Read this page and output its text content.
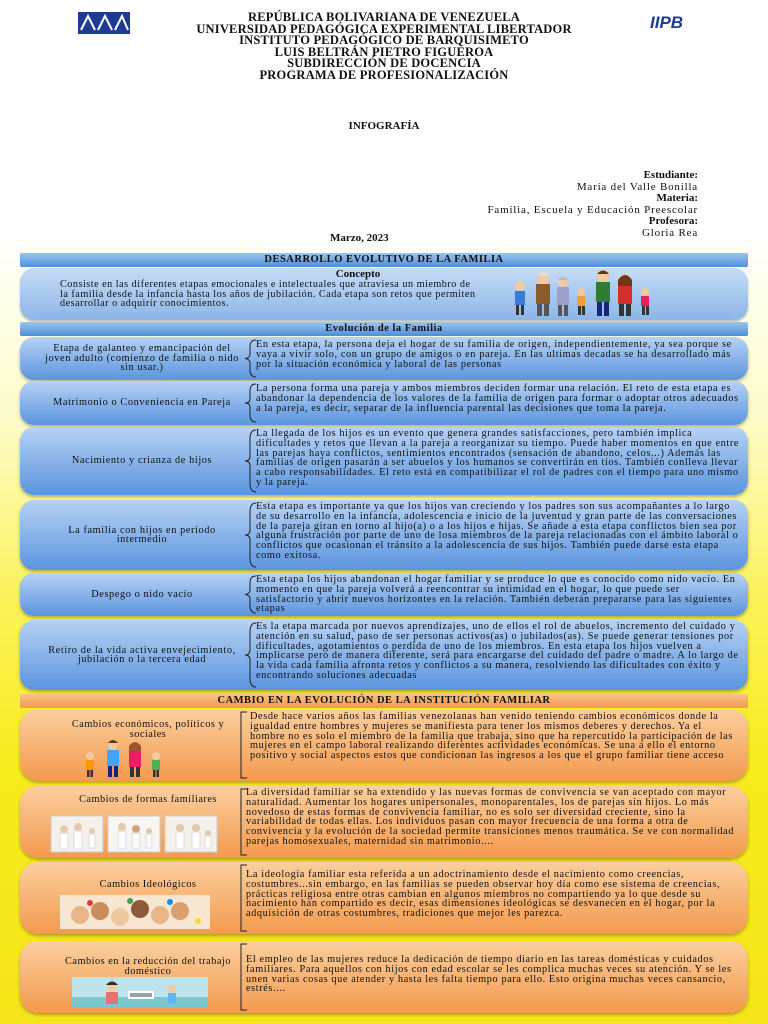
IIPB
REPÚBLICA BOLIVARIANA DE VENEZUELA
UNIVERSIDAD PEDAGÓGICA EXPERIMENTAL LIBERTADOR
INSTITUTO PEDAGÓGICO DE BARQUISIMETO
LUIS BELTRÁN PIETRO FIGUEROA
SUBDIRECCIÓN DE DOCENCIA
PROGRAMA DE PROFESIONALIZACIÓN
INFOGRAFÍA
Estudiante:
María del Valle Bonilla
Materia:
Familia, Escuela y Educación Preescolar
Profesora:
Gloria Rea
Marzo, 2023
DESARROLLO EVOLUTIVO DE LA FAMILIA
Concepto
Consiste en las diferentes etapas emocionales e intelectuales que atraviesa un miembro de la familia desde la infancia hasta los años de jubilación. Cada etapa son retos que permiten desarrollar o adquirir conocimientos.
Evolución de la Familia
Etapa de galanteo y emancipación del joven adulto (comienzo de familia o nido sin usar.)
En esta etapa, la persona deja el hogar de su familia de origen, independientemente, ya sea porque se vaya a vivir solo, con un grupo de amigos o en pareja. En las ultimas decadas se ha desarrollado más por la situación económica y laboral de las personas
Matrimonio o Conveniencia en Pareja
La persona forma una pareja y ambos miembros deciden formar una relación. El reto de esta etapa es abandonar la dependencia de los valores de la familia de origen para formar o adoptar otros adecuados a la pareja, es decir, separar de la influencia parental las decisiones que toma la pareja.
Nacimiento y crianza de hijos
La llegada de los hijos es un evento que genera grandes satisfacciones, pero también implica dificultades y retos que llevan a la pareja a reorganizar su tiempo. Puede haber momentos en que entre las parejas haya conflictos, sentimientos encontrados (sensación de abandono, celos...) Además las familias de origen pasarán a ser abuelos y los humanos se convertirán en tíos. También conlleva llevar a cabo responsabilidades. El reto está en compatibilizar el rol de padres con el tiempo para uno mismo y la pareja.
La familia con hijos en periodo intermedio
Esta etapa es importante ya que los hijos van creciendo y los padres son sus acompañantes a lo largo de su desarrollo en la infancia, adolescencia e inicio de la juventud y gran parte de las conversaciones de la pareja giran en torno al hijo(a) o a los hijos e hijas. Se añade a esta etapa conflictos bien sea por alguna frustración por parte de uno de losa miembros de la pareja relacionadas con el ámbito laboral o conflictos que ocasionan el tránsito a la adolescencia de sus hijos. También puede darse esta etapa como exitosa.
Despego o nido vacío
Esta etapa los hijos abandonan el hogar familiar y se produce lo que es conocido como nido vacío. En momento en que la pareja volverá a reencontrar su intimidad en el hogar, lo que puede ser satisfactorio y abrir nuevos horizontes en la relación. También deberán prepararse para las siguientes etapas
Retiro de la vida activa envejecimiento, jubilación o la tercera edad
Es la etapa marcada por nuevos aprendizajes, uno de ellos el rol de abuelos, incremento del cuidado y atención en su salud, paso de ser personas activos(as) o jubilados(as). Se puede generar tensiones por dificultades, agotamientos o perdida de uno de los miembros. En esta etapa los hijos vuelven a implicarse pero de manera diferente, será para encargarse del cuidado del padre o madre. A lo largo de la vida cada familia afronta retos y conflictos a su manera, resolviendo las dificultades con éxito y encontrando soluciones adecuadas
CAMBIO EN LA EVOLUCIÓN DE LA INSTITUCIÓN FAMILIAR
Cambios económicos, políticos y sociales
Desde hace varios años las familias venezolanas han venido teniendo cambios económicos donde la igualdad entre hombres y mujeres se manifiesta para tener los mismos deberes y derechos. Ya el hombre no es solo el miembro de la familia que trabaja, sino que ha repercutido la participación de las mujeres en el campo laboral realizando diferentes actividades económicas. Se una a ello el entorno positivo y social aspectos estos que condicionan las ingresos a los que el grupo familiar tiene acceso
Cambios de formas familiares
La diversidad familiar se ha extendido y las nuevas formas de convivencia se van aceptado con mayor naturalidad. Aumentar los hogares unipersonales, monoparentales, los de parejas sin hijos. Lo más novedoso de estas formas de convivencia familiar, no es solo ser diversidad creciente, sino la variabilidad de todas ellas. Los individuos pasan con mayor frecuencia de una forma a otra de convivencia y la evolución de la sociedad permite transiciones menos traumática. Se ve con normalidad parejas homosexuales, maternidad sin matrimonio....
Cambios Ideológicos
La ideología familiar esta referida a un adoctrinamiento desde el nacimiento como creencias, costumbres...sin embargo, en las familias se pueden observar hoy día como ese sistema de creencias, prácticas religiosa entre otras cambian en algunos miembros no compartiendo ya lo que desde su nacimiento han compartido es decir, esas dimensiones ideológicas se desvanecen en el hogar, por la adquisición de otras costumbres, tradiciones que mejor les parezca.
Cambios en la reducción del trabajo doméstico
El empleo de las mujeres reduce la dedicación de tiempo diario en las tareas domésticas y cuidados familiares. Para aquellos con hijos con edad escolar se les complica muchas veces su atención. Y se les unen varias cosas que atender y hasta les falta tiempo para ello. Esto origina muchas veces cansancio, estrés....
